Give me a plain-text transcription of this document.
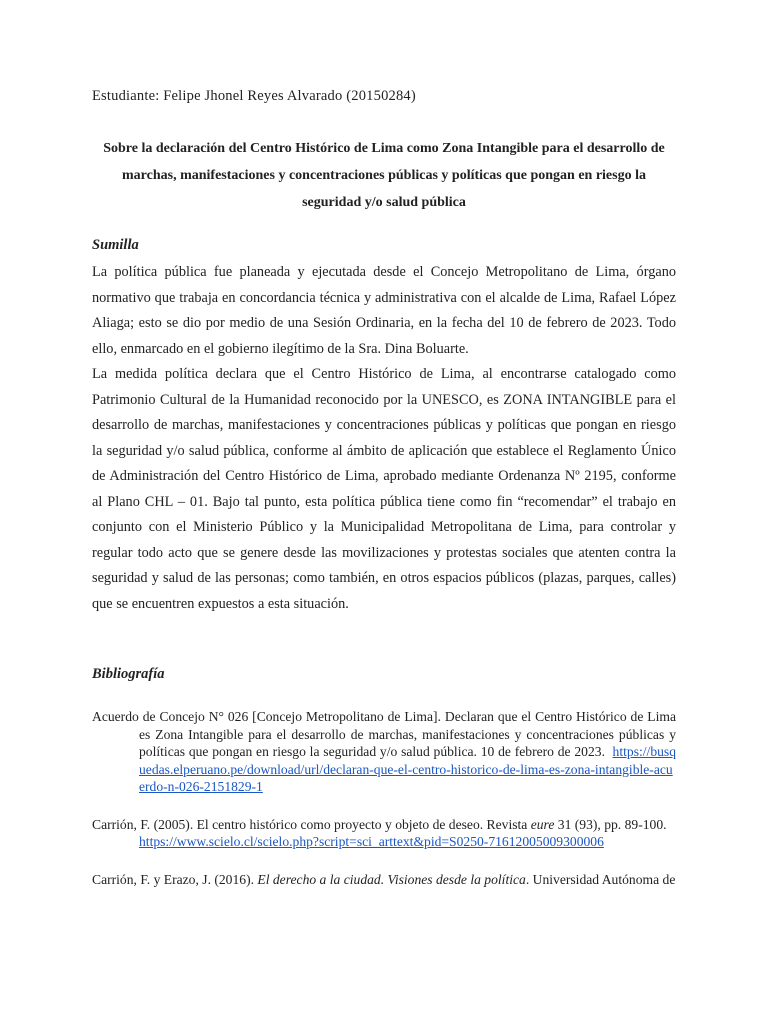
Estudiante: Felipe Jhonel Reyes Alvarado (20150284)
Sobre la declaración del Centro Histórico de Lima como Zona Intangible para el desarrollo de marchas, manifestaciones y concentraciones públicas y políticas que pongan en riesgo la seguridad y/o salud pública
Sumilla

La política pública fue planeada y ejecutada desde el Concejo Metropolitano de Lima, órgano normativo que trabaja en concordancia técnica y administrativa con el alcalde de Lima, Rafael López Aliaga; esto se dio por medio de una Sesión Ordinaria, en la fecha del 10 de febrero de 2023. Todo ello, enmarcado en el gobierno ilegítimo de la Sra. Dina Boluarte.

La medida política declara que el Centro Histórico de Lima, al encontrarse catalogado como Patrimonio Cultural de la Humanidad reconocido por la UNESCO, es ZONA INTANGIBLE para el desarrollo de marchas, manifestaciones y concentraciones públicas y políticas que pongan en riesgo la seguridad y/o salud pública, conforme al ámbito de aplicación que establece el Reglamento Único de Administración del Centro Histórico de Lima, aprobado mediante Ordenanza Nº 2195, conforme al Plano CHL – 01. Bajo tal punto, esta política pública tiene como fin “recomendar” el trabajo en conjunto con el Ministerio Público y la Municipalidad Metropolitana de Lima, para controlar y regular todo acto que se genere desde las movilizaciones y protestas sociales que atenten contra la seguridad y salud de las personas; como también, en otros espacios públicos (plazas, parques, calles) que se encuentren expuestos a esta situación.

Bibliografía

Acuerdo de Concejo N° 026 [Concejo Metropolitano de Lima]. Declaran que el Centro Histórico de Lima es Zona Intangible para el desarrollo de marchas, manifestaciones y concentraciones públicas y políticas que pongan en riesgo la seguridad y/o salud pública. 10 de febrero de 2023. https://busquedas.elperuano.pe/download/url/declaran-que-el-centro-historico-de-lima-es-zona-intangible-acuerdo-n-026-2151829-1

Carrión, F. (2005). El centro histórico como proyecto y objeto de deseo. Revista eure 31 (93), pp. 89-100.
https://www.scielo.cl/scielo.php?script=sci_arttext&pid=S0250-71612005009300006

Carrión, F. y Erazo, J. (2016). El derecho a la ciudad. Visiones desde la política. Universidad Autónoma de
